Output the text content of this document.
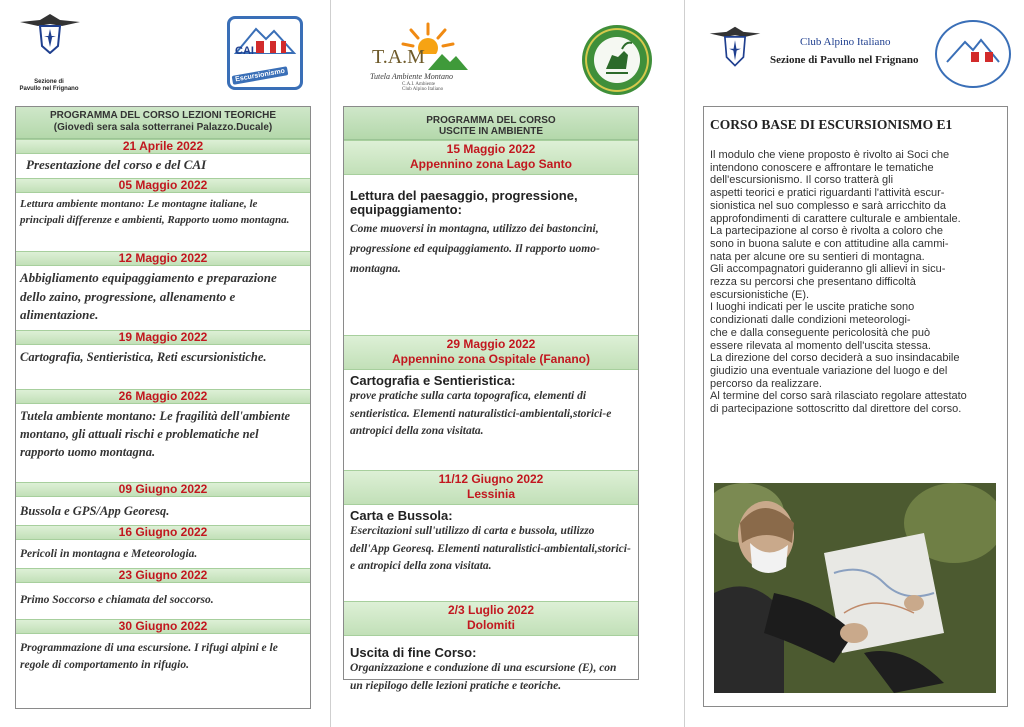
Sezione di
Pavullo nel Frignano
CAI
Escursionismo
T.A.M
Tutela Ambiente Montano
C.A.I. Ambiente
Club Alpino Italiano
Club Alpino Italiano
Sezione di Pavullo nel Frignano
PROGRAMMA DEL CORSO LEZIONI TEORICHE
(Giovedì sera sala sotterranei Palazzo.Ducale)
21 Aprile 2022
Presentazione del corso e del CAI
05 Maggio 2022
Lettura ambiente montano: Le montagne italiane, le principali differenze e ambienti, Rapporto uomo montagna.
12 Maggio 2022
Abbigliamento equipaggiamento e preparazione dello zaino, progressione, allenamento e alimentazione.
19 Maggio 2022
Cartografia, Sentieristica, Reti escursionistiche.
26 Maggio 2022
Tutela ambiente montano: Le fragilità dell'ambiente montano, gli attuali rischi e problematiche nel rapporto uomo montagna.
09 Giugno 2022
Bussola e GPS/App Georesq.
16 Giugno 2022
Pericoli in montagna e Meteorologia.
23 Giugno 2022
Primo Soccorso e chiamata del soccorso.
30 Giugno 2022
Programmazione di una escursione. I rifugi alpini e le regole di comportamento in rifugio.
PROGRAMMA DEL CORSO
USCITE IN AMBIENTE
15 Maggio 2022
Appennino zona Lago Santo
Lettura del paesaggio, progressione, equipaggiamento:
Come muoversi in montagna, utilizzo dei bastoncini, progressione ed equipaggiamento. Il rapporto uomo-montagna.
29 Maggio 2022
Appennino zona Ospitale (Fanano)
Cartografia e Sentieristica:
prove pratiche sulla carta topografica, elementi di sentieristica. Elementi naturalistici-ambientali,storici-e antropici della zona visitata.
11/12 Giugno 2022
Lessinia
Carta e Bussola:
Esercitazioni sull'utilizzo di carta e bussola, utilizzo dell'App Georesq. Elementi naturalistici-ambientali,storici-e antropici della zona visitata.
2/3 Luglio 2022
Dolomiti
Uscita di fine Corso:
Organizzazione e conduzione di una escursione (E), con un riepilogo delle lezioni pratiche e teoriche.
CORSO BASE DI ESCURSIONISMO E1
Il modulo che viene proposto è rivolto ai Soci che
intendono conoscere e affrontare le tematiche
dell'escursionismo. Il corso tratterà gli
aspetti teorici e pratici riguardanti l'attività escur-
sionistica nel suo complesso e sarà arricchito da
approfondimenti di carattere culturale e ambientale.
La partecipazione al corso è rivolta a coloro che
sono in buona salute e con attitudine alla cammi-
nata per alcune ore su sentieri di montagna.
Gli accompagnatori guideranno gli allievi in sicu-
rezza su percorsi che presentano difficoltà
escursionistiche (E).
I luoghi indicati per le uscite pratiche sono
condizionati dalle condizioni meteorologi-
che e dalla conseguente pericolosità che può
essere rilevata al momento dell'uscita stessa.
La direzione del corso deciderà a suo insindacabile
giudizio una eventuale variazione del luogo e del
percorso da realizzare.
Al termine del corso sarà rilasciato regolare attestato
di partecipazione sottoscritto dal direttore del corso.
